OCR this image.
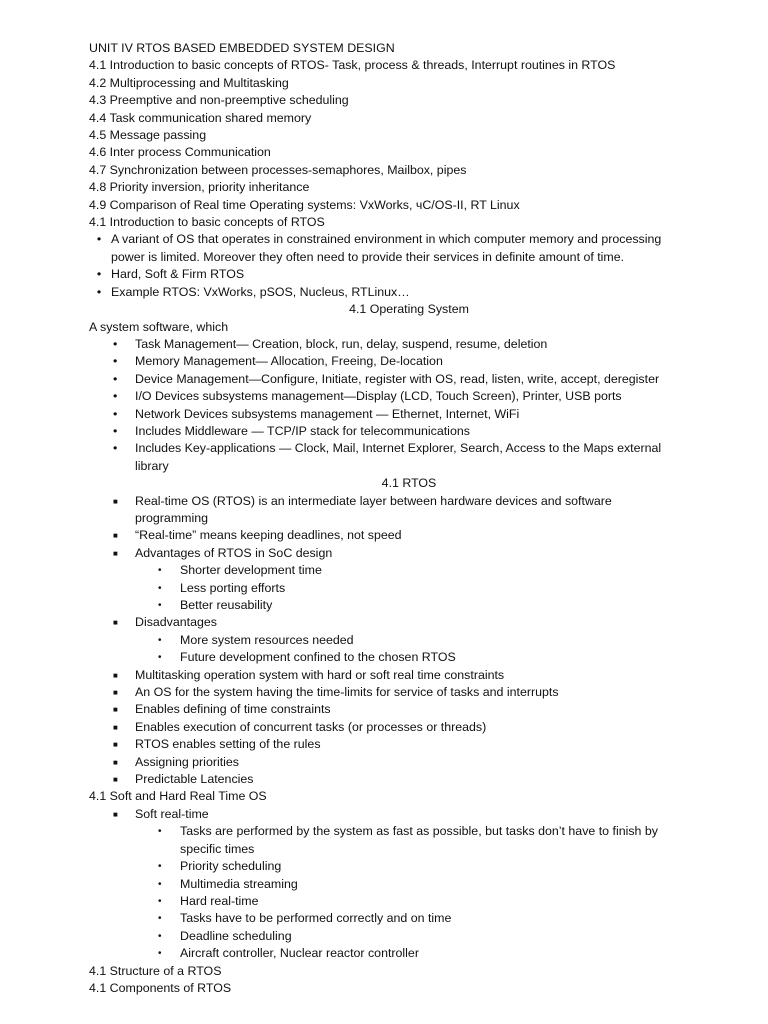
UNIT IV RTOS BASED EMBEDDED SYSTEM DESIGN
4.1 Introduction to basic concepts of RTOS- Task, process & threads, Interrupt routines in RTOS
4.2 Multiprocessing and Multitasking
4.3 Preemptive and non-preemptive scheduling
4.4 Task communication shared memory
4.5 Message passing
4.6 Inter process Communication
4.7 Synchronization between processes-semaphores, Mailbox, pipes
4.8 Priority inversion, priority inheritance
4.9 Comparison of Real time Operating systems: VxWorks, чC/OS-II, RT Linux
4.1 Introduction to basic concepts of RTOS
• A variant of OS that operates in constrained environment in which computer memory and processing power is limited. Moreover they often need to provide their services in definite amount of time.
• Hard, Soft & Firm RTOS
• Example RTOS: VxWorks, pSOS, Nucleus, RTLinux…
4.1 Operating System
A system software, which
•	Task Management— Creation, block, run, delay, suspend, resume, deletion
•	Memory Management— Allocation, Freeing, De-location
•	Device Management—Configure, Initiate, register with OS, read, listen, write, accept, deregister
•	I/O Devices subsystems management—Display (LCD, Touch Screen), Printer, USB ports
•	Network Devices subsystems management — Ethernet, Internet, WiFi
•	Includes Middleware — TCP/IP stack for telecommunications
•	Includes Key-applications — Clock, Mail, Internet Explorer, Search, Access to the Maps external library
4.1 RTOS
■	Real-time OS (RTOS) is an intermediate layer between hardware devices and software programming
■	“Real-time” means keeping deadlines, not speed
■	Advantages of RTOS in SoC design
•	Shorter development time
•	Less porting efforts
•	Better reusability
■	Disadvantages
•	More system resources needed
•	Future development confined to the chosen RTOS
■	Multitasking operation system with hard or soft real time constraints
■	An OS for the system having the time-limits for service of tasks and interrupts
■	Enables defining of time constraints
■	Enables execution of concurrent tasks (or processes or threads)
■	RTOS enables setting of the rules
■	Assigning priorities
■	Predictable Latencies
4.1 Soft and Hard Real Time OS
■	Soft real-time
•	Tasks are performed by the system as fast as possible, but tasks don’t have to finish by specific times
•	Priority scheduling
•	Multimedia streaming
•	Hard real-time
•	Tasks have to be performed correctly and on time
•	Deadline scheduling
•	Aircraft controller, Nuclear reactor controller
4.1 Structure of a RTOS
4.1 Components of RTOS
